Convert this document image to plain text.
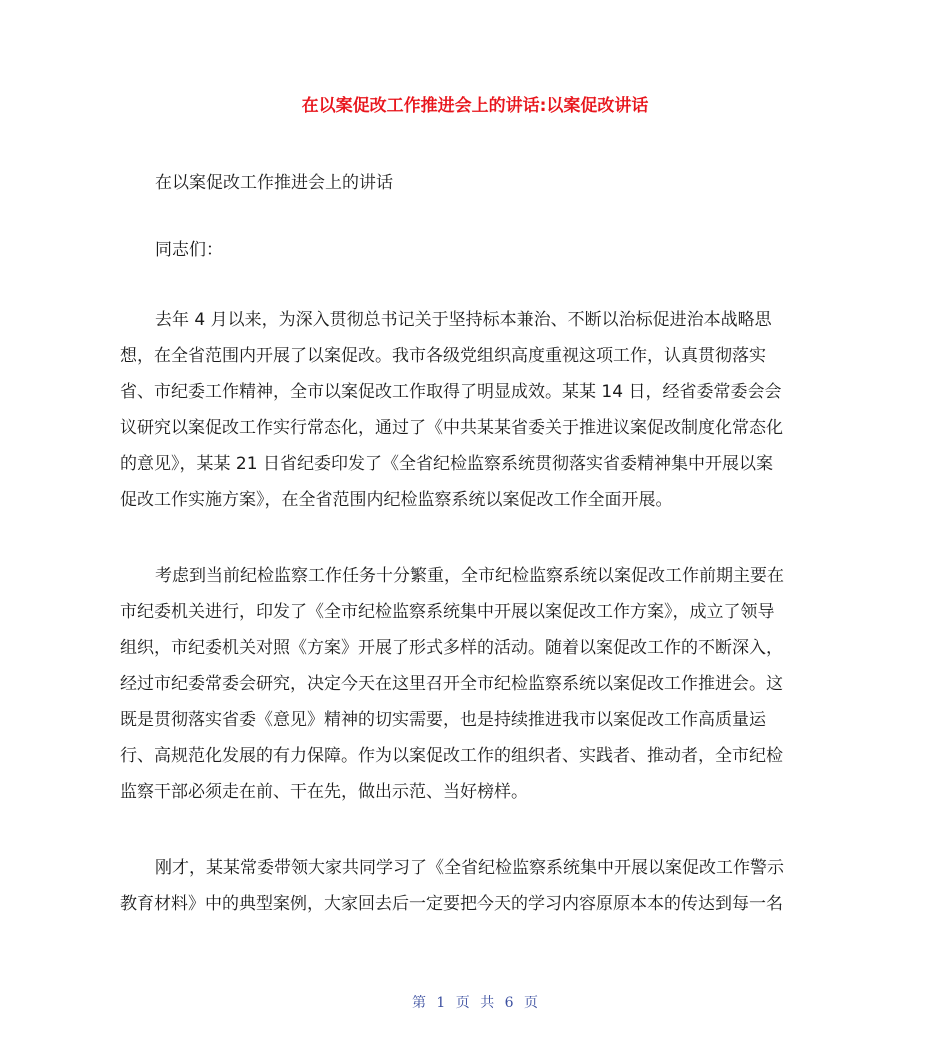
在以案促改工作推进会上的讲话:以案促改讲话
在以案促改工作推进会上的讲话
同志们：
去年 4 月以来，为深入贯彻总书记关于坚持标本兼治、不断以治标促进治本战略思
想，在全省范围内开展了以案促改。我市各级党组织高度重视这项工作，认真贯彻落实
省、市纪委工作精神，全市以案促改工作取得了明显成效。某某 14 日，经省委常委会会
议研究以案促改工作实行常态化，通过了《中共某某省委关于推进议案促改制度化常态化
的意见》，某某 21 日省纪委印发了《全省纪检监察系统贯彻落实省委精神集中开展以案
促改工作实施方案》，在全省范围内纪检监察系统以案促改工作全面开展。
考虑到当前纪检监察工作任务十分繁重，全市纪检监察系统以案促改工作前期主要在
市纪委机关进行，印发了《全市纪检监察系统集中开展以案促改工作方案》，成立了领导
组织，市纪委机关对照《方案》开展了形式多样的活动。随着以案促改工作的不断深入，
经过市纪委常委会研究，决定今天在这里召开全市纪检监察系统以案促改工作推进会。这
既是贯彻落实省委《意见》精神的切实需要，也是持续推进我市以案促改工作高质量运
行、高规范化发展的有力保障。作为以案促改工作的组织者、实践者、推动者，全市纪检
监察干部必须走在前、干在先，做出示范、当好榜样。
刚才，某某常委带领大家共同学习了《全省纪检监察系统集中开展以案促改工作警示
教育材料》中的典型案例，大家回去后一定要把今天的学习内容原原本本的传达到每一名
第 1 页 共 6 页
